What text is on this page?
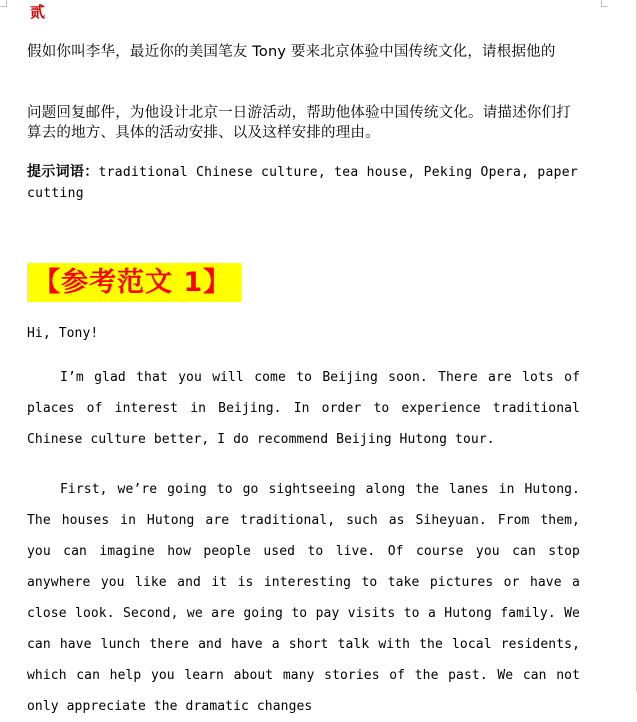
贰
假如你叫李华，最近你的美国笔友 Tony 要来北京体验中国传统文化，请根据他的
问题回复邮件，为他设计北京一日游活动，帮助他体验中国传统文化。请描述你们打算去的地方、具体的活动安排、以及这样安排的理由。
提示词语：traditional Chinese culture, tea house, Peking Opera, paper cutting
【参考范文 1】
Hi, Tony!
I’m glad that you will come to Beijing soon. There are lots of places of interest in Beijing. In order to experience traditional Chinese culture better, I do recommend Beijing Hutong tour.
First, we’re going to go sightseeing along the lanes in Hutong. The houses in Hutong are traditional, such as Siheyuan. From them, you can imagine how people used to live. Of course you can stop anywhere you like and it is interesting to take pictures or have a close look. Second, we are going to pay visits to a Hutong family. We can have lunch there and have a short talk with the local residents, which can help you learn about many stories of the past. We can not only appreciate the dramatic changes
